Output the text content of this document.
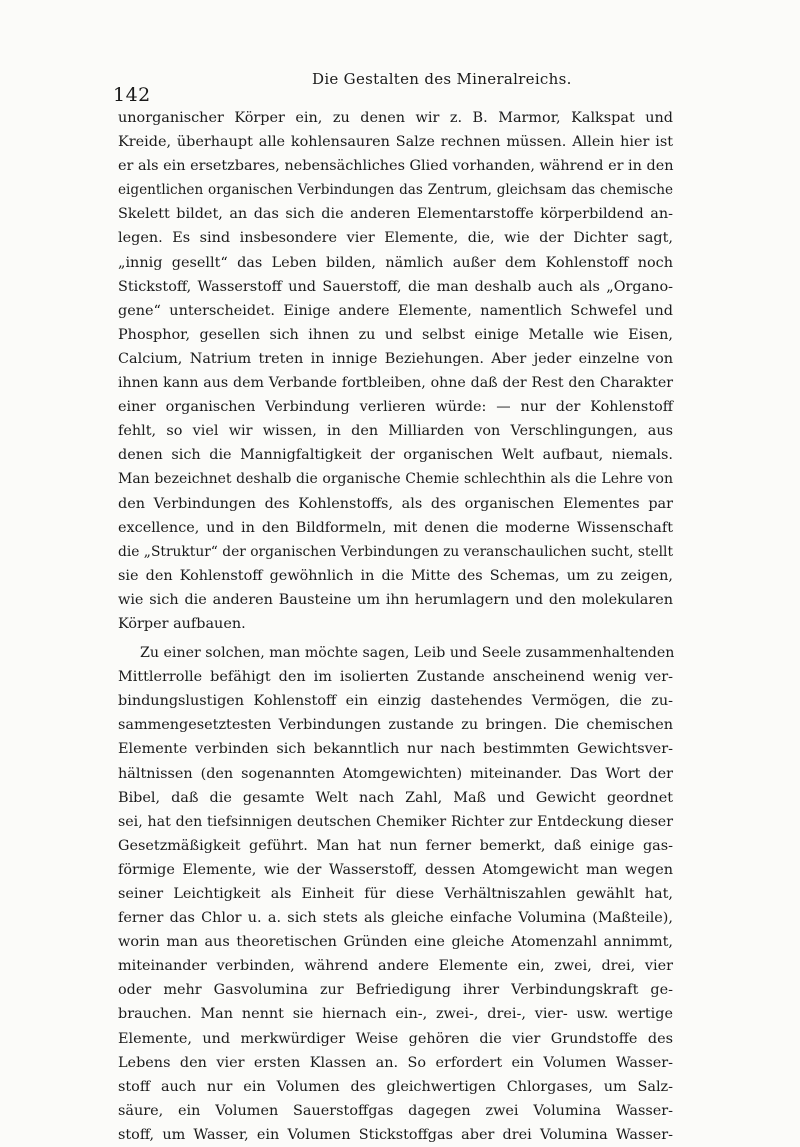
142
Die Gestalten des Mineralreichs.
unorganischer Körper ein, zu denen wir z. B. Marmor, Kalkspat und
Kreide, überhaupt alle kohlensauren Salze rechnen müssen. Allein hier ist
er als ein ersetzbares, nebensächliches Glied vorhanden, während er in den
eigentlichen organischen Verbindungen das Zentrum, gleichsam das chemische
Skelett bildet, an das sich die anderen Elementarstoffe körperbildend an-
legen. Es sind insbesondere vier Elemente, die, wie der Dichter sagt,
„innig gesellt“ das Leben bilden, nämlich außer dem Kohlenstoff noch
Stickstoff, Wasserstoff und Sauerstoff, die man deshalb auch als „Organo-
gene“ unterscheidet. Einige andere Elemente, namentlich Schwefel und
Phosphor, gesellen sich ihnen zu und selbst einige Metalle wie Eisen,
Calcium, Natrium treten in innige Beziehungen. Aber jeder einzelne von
ihnen kann aus dem Verbande fortbleiben, ohne daß der Rest den Charakter
einer organischen Verbindung verlieren würde: — nur der Kohlenstoff
fehlt, so viel wir wissen, in den Milliarden von Verschlingungen, aus
denen sich die Mannigfaltigkeit der organischen Welt aufbaut, niemals.
Man bezeichnet deshalb die organische Chemie schlechthin als die Lehre von
den Verbindungen des Kohlenstoffs, als des organischen Elementes par
excellence, und in den Bildformeln, mit denen die moderne Wissenschaft
die „Struktur“ der organischen Verbindungen zu veranschaulichen sucht, stellt
sie den Kohlenstoff gewöhnlich in die Mitte des Schemas, um zu zeigen,
wie sich die anderen Bausteine um ihn herumlagern und den molekularen
Körper aufbauen.
Zu einer solchen, man möchte sagen, Leib und Seele zusammenhaltenden
Mittlerrolle befähigt den im isolierten Zustande anscheinend wenig ver-
bindungslustigen Kohlenstoff ein einzig dastehendes Vermögen, die zu-
sammengesetztesten Verbindungen zustande zu bringen. Die chemischen
Elemente verbinden sich bekanntlich nur nach bestimmten Gewichtsver-
hältnissen (den sogenannten Atomgewichten) miteinander. Das Wort der
Bibel, daß die gesamte Welt nach Zahl, Maß und Gewicht geordnet
sei, hat den tiefsinnigen deutschen Chemiker Richter zur Entdeckung dieser
Gesetzmäßigkeit geführt. Man hat nun ferner bemerkt, daß einige gas-
förmige Elemente, wie der Wasserstoff, dessen Atomgewicht man wegen
seiner Leichtigkeit als Einheit für diese Verhältniszahlen gewählt hat,
ferner das Chlor u. a. sich stets als gleiche einfache Volumina (Maßteile),
worin man aus theoretischen Gründen eine gleiche Atomenzahl annimmt,
miteinander verbinden, während andere Elemente ein, zwei, drei, vier
oder mehr Gasvolumina zur Befriedigung ihrer Verbindungskraft ge-
brauchen. Man nennt sie hiernach ein-, zwei-, drei-, vier- usw. wertige
Elemente, und merkwürdiger Weise gehören die vier Grundstoffe des
Lebens den vier ersten Klassen an. So erfordert ein Volumen Wasser-
stoff auch nur ein Volumen des gleichwertigen Chlorgases, um Salz-
säure, ein Volumen Sauerstoffgas dagegen zwei Volumina Wasser-
stoff, um Wasser, ein Volumen Stickstoffgas aber drei Volumina Wasser-
